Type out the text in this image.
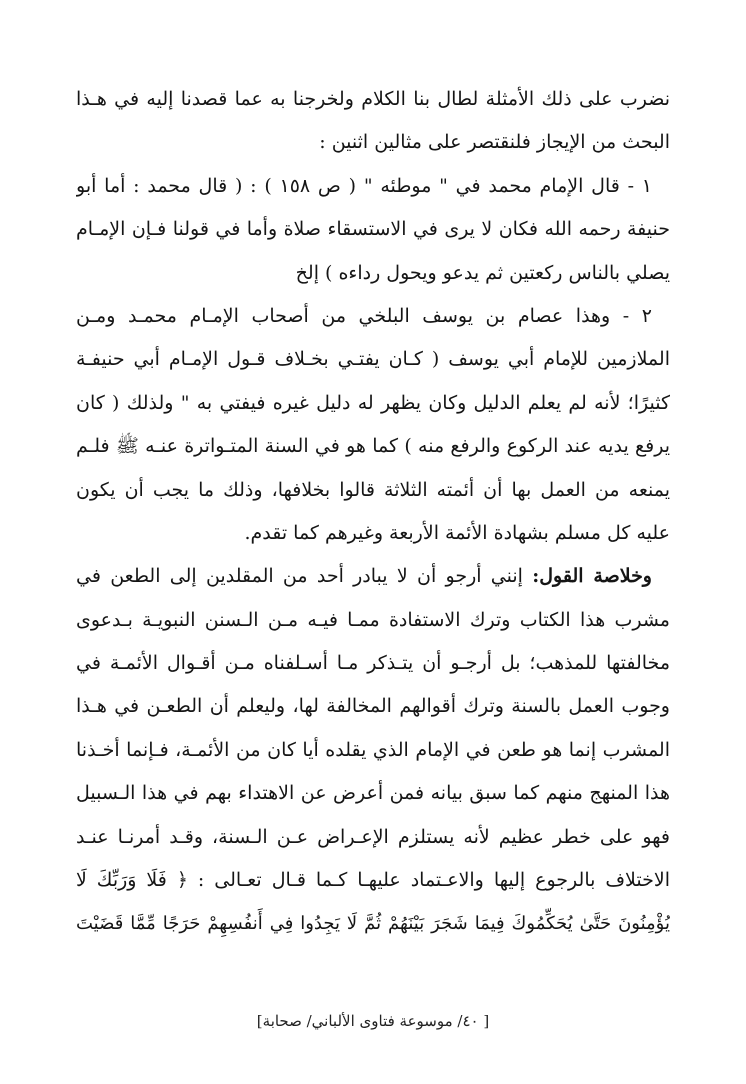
نضرب على ذلك الأمثلة لطال بنا الكلام ولخرجنا به عما قصدنا إليه في هـذا
البحث من الإيجاز فلنقتصر على مثالين اثنين :
١ - قال الإمام محمد في " موطئه " ( ص ١٥٨ ) : ( قال محمد : أما أبو
حنيفة رحمه الله فكان لا يرى في الاستسقاء صلاة وأما في قولنا فـإن الإمـام
يصلي بالناس ركعتين ثم يدعو ويحول رداءه ) إلخ
٢ - وهذا عصام بن يوسف البلخي من أصحاب الإمـام محمـد ومـن
الملازمين للإمام أبي يوسف ( كـان يفتـي بخـلاف قـول الإمـام أبي حنيفـة
كثيرًا؛ لأنه لم يعلم الدليل وكان يظهر له دليل غيره فيفتي به " ولذلك ( كان
يرفع يديه عند الركوع والرفع منه ) كما هو في السنة المتـواترة عنـه ﷺ فلـم
يمنعه من العمل بها أن أئمته الثلاثة قالوا بخلافها، وذلك ما يجب أن يكون
عليه كل مسلم بشهادة الأئمة الأربعة وغيرهم كما تقدم.
وخلاصة القول: إنني أرجو أن لا يبادر أحد من المقلدين إلى الطعن في
مشرب هذا الكتاب وترك الاستفادة ممـا فيـه مـن الـسنن النبويـة بـدعوى
مخالفتها للمذهب؛ بل أرجـو أن يتـذكر مـا أسـلفناه مـن أقـوال الأئمـة في
وجوب العمل بالسنة وترك أقوالهم المخالفة لها، وليعلم أن الطعـن في هـذا
المشرب إنما هو طعن في الإمام الذي يقلده أيا كان من الأئمـة، فـإنما أخـذنا
هذا المنهج منهم كما سبق بيانه فمن أعرض عن الاهتداء بهم في هذا الـسبيل
فهو على خطر عظيم لأنه يستلزم الإعـراض عـن الـسنة، وقـد أمرنـا عنـد
الاختلاف بالرجوع إليها والاعـتماد عليهـا كـما قـال تعـالى : ﴿ فَلَا وَرَبِّكَ لَا
يُؤْمِنُونَ حَتَّىٰ يُحَكِّمُوكَ فِيمَا شَجَرَ بَيْنَهُمْ ثُمَّ لَا يَجِدُوا فِي أَنفُسِهِمْ حَرَجًا مِّمَّا قَضَيْتَ
[ ٤٠/ موسوعة فتاوى الألباني/ صحابة]
